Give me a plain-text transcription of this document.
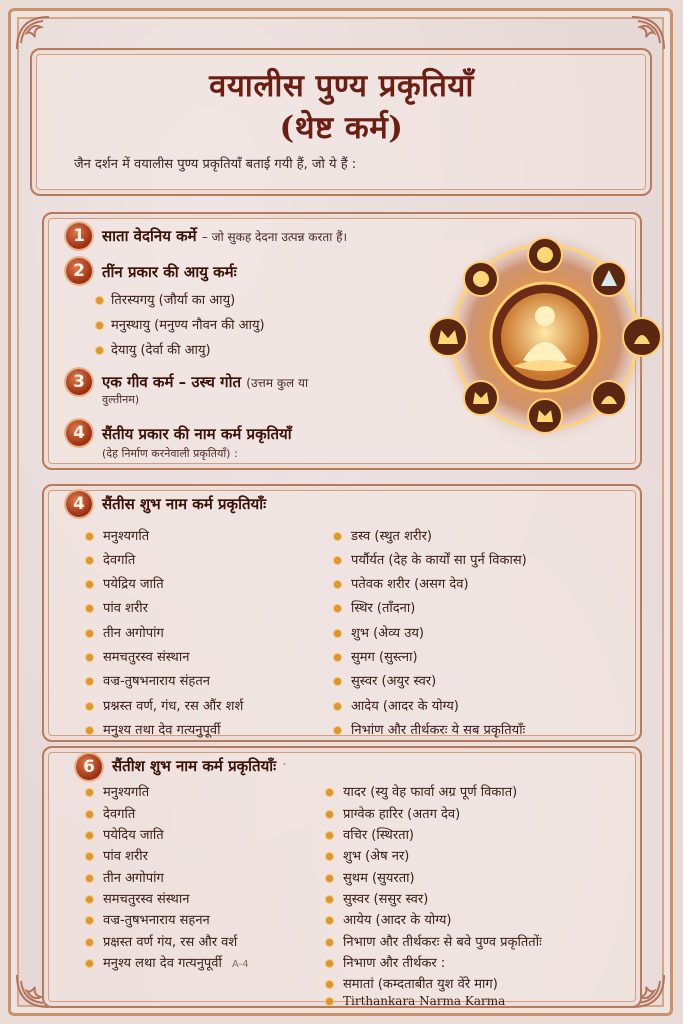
वयालीस पुण्य प्रकृतियाँ
(थेष्ट कर्म)
जैन दर्शन में वयालीस पुण्य प्रकृतियाँ बताई गयी हैं, जो ये हैं :
1	साता वेदनिय कर्मे – जो सुकह देदना उत्पन्न करता हैं।
2	तींन प्रकार की आयु कर्मः
तिरस्यगयु (जौर्या का आयु)
मनुस्थायु (मनुण्य नौवन की आयु)
देयायु (देर्वा की आयु)
3	एक गीव कर्म – उस्च गोत (उत्तम कुल या
वुल्तीनम)
4	सैंतीय प्रकार की नाम कर्म प्रकृतियाँ
(देह निर्माण करनेवाली प्रकृतियाँ) :
4	सैंतीस शुभ नाम कर्म प्रकृतियाँः
मनुश्यगति
देवगति
पयेद्रिय जाति
पांव शरीर
तीन अगोपांग
समचतुरस्व संस्थान
वज्र-तुषभनाराय संहतन
प्रश्नस्त वर्ण, गंध, रस औंर शर्श
मनुश्य तथा देव गत्यनुपूर्वी
डस्व (स्थुत शरीर)
पर्यौर्यत (देह के कार्यों सा पुर्न विकास)
पतेवक शरीर (असग देव)
स्थिर (ताँदना)
शुभ (अेव्य उय)
सुमग (सुस्त्ना)
सुस्वर (अयुर स्वर)
आदेय (आदर के योग्य)
निभांण और तीर्थकरः ये सब प्रकृतियाँः
6	सैंतीश शुभ नाम कर्म प्रकृतियाँः ´
मनुश्यगति
देवगति
पयेदिय जाति
पांव शरीर
तीन अगोपांग
समचतुरस्व संस्थान
वज्र-तुषभनाराय सहनन
प्रक्षस्त वर्ण गंय, रस और वर्श
मनुश्य लथा देव गत्यनुपूर्वी A-4
यादर (स्यु वेह फार्वा अग्र पूर्ण विकात)
प्राग्वेक हारिर (अतग देव)
वचिर (स्थिरता)
शुभ (अेष नर)
सुथम (सुयरता)
सुस्वर (ससुर स्वर)
आयेय (आदर के योग्य)
निभाण और तीर्थकरः से बवे पुण्व प्रकृतितोंः
निभाण और तीर्थकर :
समातां (कम्दताबीत युश वेंरे माग)
Tirthankara Narma Karma
